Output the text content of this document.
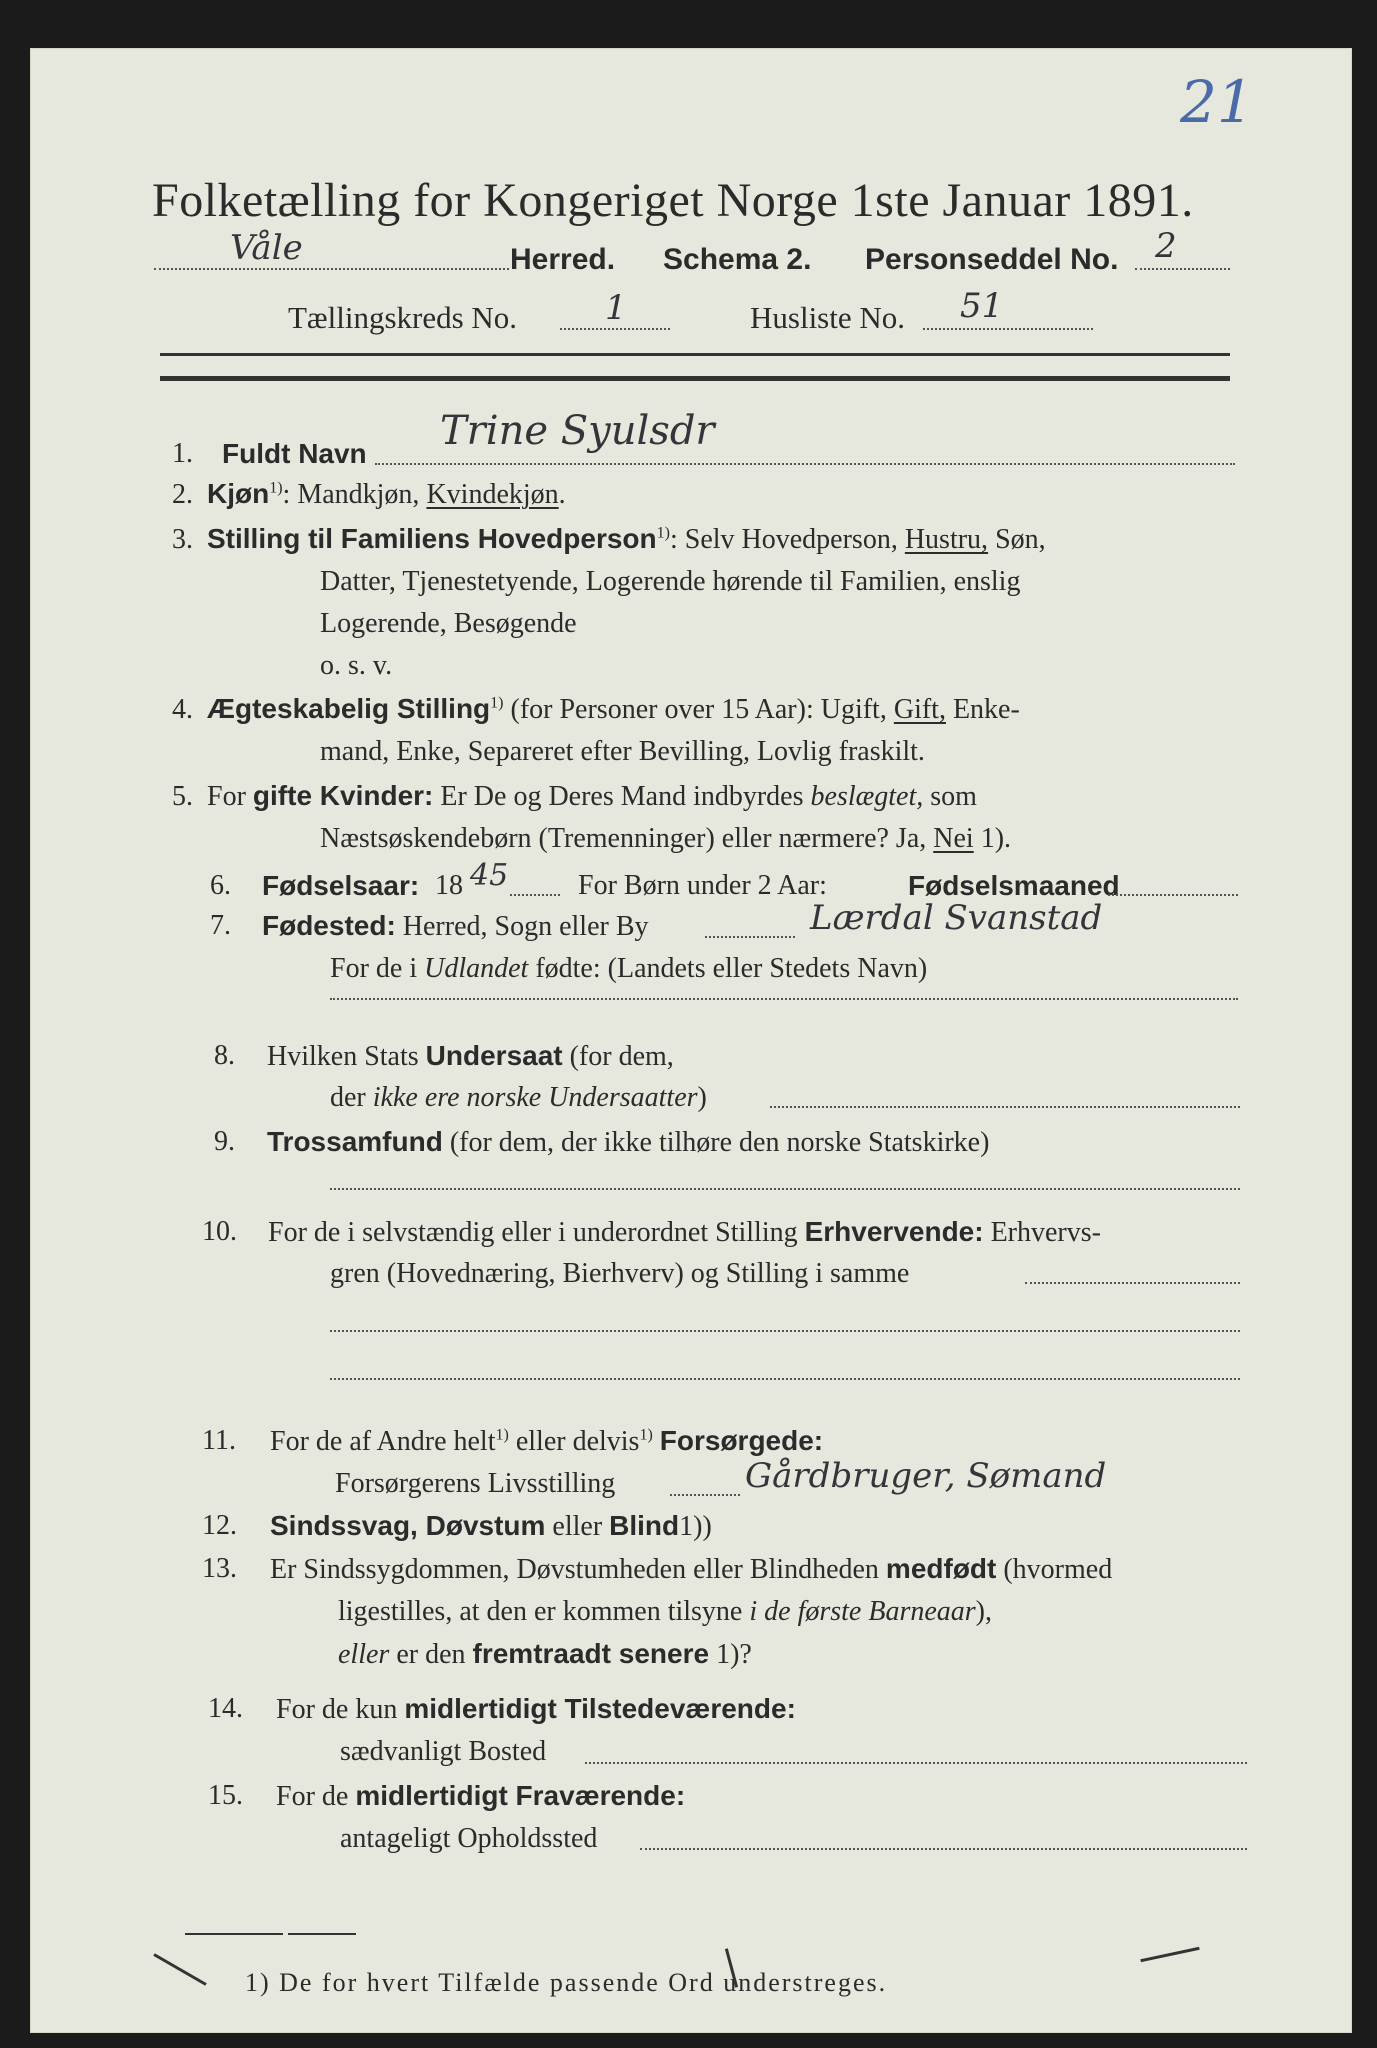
21
Folketælling for Kongeriget Norge 1ste Januar 1891.
Våle	Herred. Schema 2. Personseddel No. 2
Tællingskreds No.	1	Husliste No. 51
1. Fuldt Navn Trine Syulsdr
2. Kjøn$^{1)}$: Mandkjøn, Kvindekjøn.
3. Stilling til Familiens Hovedperson$^{1)}$: Selv Hovedperson, Hustru, Søn,
Datter, Tjenestetyende, Logerende hørende til Familien, enslig
Logerende, Besøgende
o. s. v.
4. Ægteskabelig Stilling$^{1)}$ (for Personer over 15 Aar): Ugift, Gift, Enke-
mand, Enke, Separeret efter Bevilling, Lovlig fraskilt.
5. For gifte Kvinder: Er De og Deres Mand indbyrdes beslægtet, som
Næstsøskendebørn (Tremenninger) eller nærmere? Ja, Nei 1).
6. Fødselsaar: 18 45 For Børn under 2 Aar:	Fødselsmaaned
7. Fødested: Herred, Sogn eller By	Lærdal Svanstad
For de i Udlandet fødte: (Landets eller Stedets Navn)
8. Hvilken Stats Undersaat (for dem,
der ikke ere norske Undersaatter)
9. Trossamfund (for dem, der ikke tilhøre den norske Statskirke)
10. For de i selvstændig eller i underordnet Stilling Erhvervende: Erhvervs-
gren (Hovednæring, Bierhverv) og Stilling i samme
11. For de af Andre helt$^{1)}$ eller delvis$^{1)}$ Forsørgede:
Forsørgerens Livsstilling	Gårdbruger, Sømand
12. Sindssvag, Døvstum eller Blind1))
13. Er Sindssygdommen, Døvstumheden eller Blindheden medfødt (hvormed
ligestilles, at den er kommen tilsyne i de første Barneaar),
eller er den fremtraadt senere 1)?
14. For de kun midlertidigt Tilstedeværende:
sædvanligt Bosted
15. For de midlertidigt Fraværende:
antageligt Opholdssted
1) De for hvert Tilfælde passende Ord understreges.
